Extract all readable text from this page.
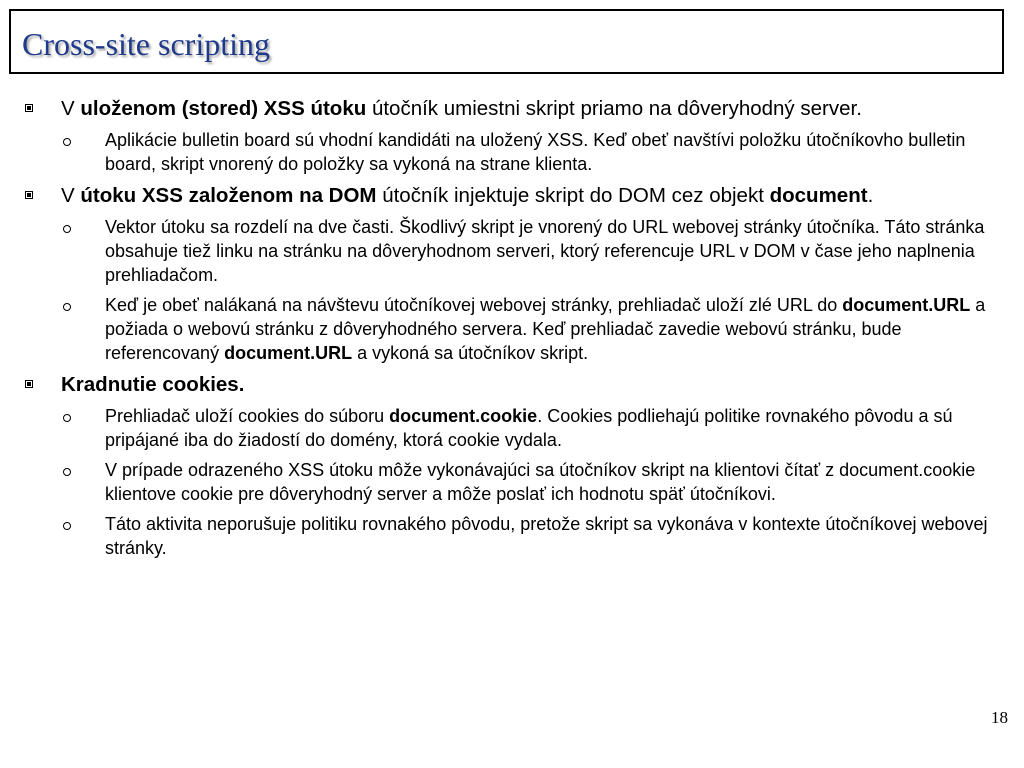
Cross-site scripting
V uloženom (stored) XSS útoku útočník umiestni skript priamo na dôveryhodný server.
Aplikácie bulletin board sú vhodní kandidáti na uložený XSS. Keď obeť navštívi položku útočníkovho bulletin board, skript vnorený do položky sa vykoná na strane klienta.
V útoku XSS založenom na DOM útočník injektuje skript do DOM cez objekt document.
Vektor útoku sa rozdelí na dve časti. Škodlivý skript je vnorený do URL webovej stránky útočníka. Táto stránka obsahuje tiež linku na stránku na dôveryhodnom serveri, ktorý referencuje URL v DOM v čase jeho naplnenia prehliadačom.
Keď je obeť nalákaná na návštevu útočníkovej webovej stránky, prehliadač uloží zlé URL do document.URL a požiada o webovú stránku z dôveryhodného servera. Keď prehliadač zavedie webovú stránku, bude referencovaný document.URL a vykoná sa útočníkov skript.
Kradnutie cookies.
Prehliadač uloží cookies do súboru document.cookie. Cookies podliehajú politike rovnakého pôvodu a sú pripájané iba do žiadostí do domény, ktorá cookie vydala.
V prípade odrazeného XSS útoku môže vykonávajúci sa útočníkov skript na klientovi čítať z document.cookie klientove cookie pre dôveryhodný server a môže poslať ich hodnotu späť útočníkovi.
Táto aktivita neporušuje politiku rovnakého pôvodu, pretože skript sa vykonáva v kontexte útočníkovej webovej stránky.
18
